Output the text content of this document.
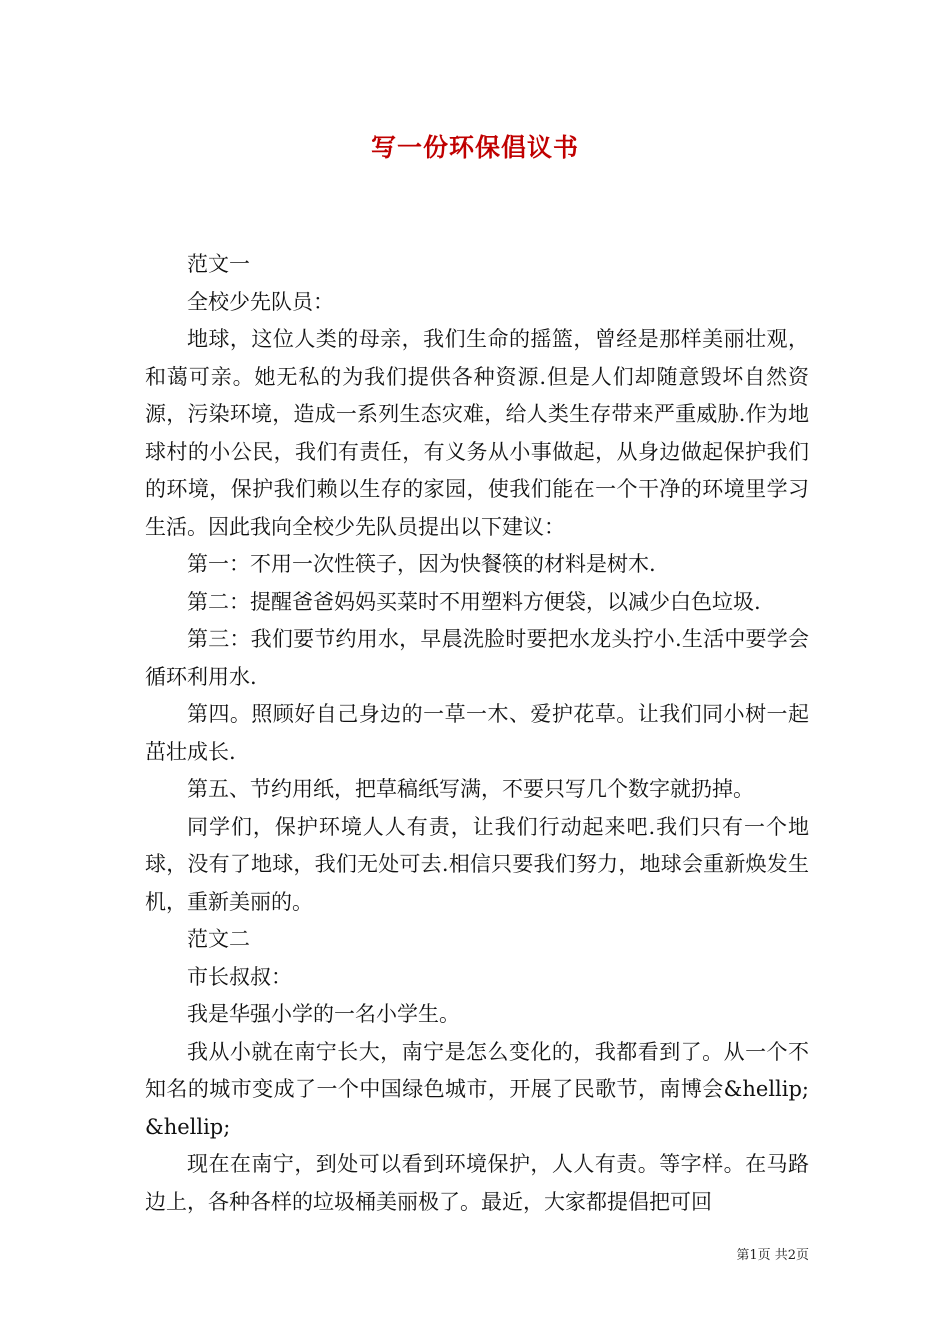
写一份环保倡议书

范文一

全校少先队员：

地球，这位人类的母亲，我们生命的摇篮，曾经是那样美丽壮观，和蔼可亲。她无私的为我们提供各种资源.但是人们却随意毁坏自然资源，污染环境，造成一系列生态灾难，给人类生存带来严重威胁.作为地球村的小公民，我们有责任，有义务从小事做起，从身边做起保护我们的环境，保护我们赖以生存的家园，使我们能在一个干净的环境里学习生活。因此我向全校少先队员提出以下建议：

第一：不用一次性筷子，因为快餐筷的材料是树木.

第二：提醒爸爸妈妈买菜时不用塑料方便袋，以减少白色垃圾.

第三：我们要节约用水，早晨洗脸时要把水龙头拧小.生活中要学会循环利用水.

第四。照顾好自己身边的一草一木、爱护花草。让我们同小树一起茁壮成长.

第五、节约用纸，把草稿纸写满，不要只写几个数字就扔掉。

同学们，保护环境人人有责，让我们行动起来吧.我们只有一个地球，没有了地球，我们无处可去.相信只要我们努力，地球会重新焕发生机，重新美丽的。

范文二

市长叔叔：

我是华强小学的一名小学生。

我从小就在南宁长大，南宁是怎么变化的，我都看到了。从一个不知名的城市变成了一个中国绿色城市，开展了民歌节，南博会&hellip;&hellip;

现在在南宁，到处可以看到环境保护，人人有责。等字样。在马路边上，各种各样的垃圾桶美丽极了。最近，大家都提倡把可回

第1页 共2页
